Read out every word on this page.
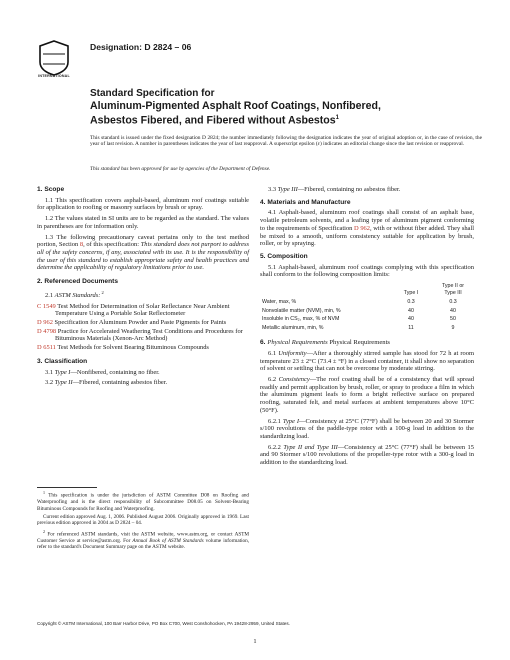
INTERNATIONAL
Designation: D 2824 – 06
Standard Specification for
Aluminum-Pigmented Asphalt Roof Coatings, Nonfibered,
Asbestos Fibered, and Fibered without Asbestos$^1$
This standard is issued under the fixed designation D 2824; the number immediately following the designation indicates the year of original adoption or, in the case of revision, the year of last revision. A number in parentheses indicates the year of last reapproval. A superscript epsilon (ε) indicates an editorial change since the last revision or reapproval.
This standard has been approved for use by agencies of the Department of Defense.
1. Scope

1.1 This specification covers asphalt-based, aluminum roof coatings suitable for application to roofing or masonry surfaces by brush or spray.

1.2 The values stated in SI units are to be regarded as the standard. The values in parentheses are for information only.

1.3 The following precautionary caveat pertains only to the test method portion, Section 8, of this specification: This standard does not purport to address all of the safety concerns, if any, associated with its use. It is the responsibility of the user of this standard to establish appropriate safety and health practices and determine the applicability of regulatory limitations prior to use.

2. Referenced Documents

2.1 ASTM Standards: $^2$

C 1549 Test Method for Determination of Solar Reflectance Near Ambient Temperature Using a Portable Solar Reflectometer
D 962 Specification for Aluminum Powder and Paste Pigments for Paints
D 4798 Practice for Accelerated Weathering Test Conditions and Procedures for Bituminous Materials (Xenon-Arc Method)
D 6511 Test Methods for Solvent Bearing Bituminous Compounds
3. Classification

3.1 Type I—Nonfibered, containing no fiber.

3.2 Type II—Fibered, containing asbestos fiber.

$^1$ This specification is under the jurisdiction of ASTM Committee D08 on Roofing and Waterproofing and is the direct responsibility of Subcommittee D08.05 on Solvent-Bearing Bituminous Compounds for Roofing and Waterproofing.

Current edition approved Aug. 1, 2006. Published August 2006. Originally approved in 1969. Last previous edition approved in 2004 as D 2824 – 04.

$^2$ For referenced ASTM standards, visit the ASTM website, www.astm.org, or contact ASTM Customer Service at service@astm.org. For Annual Book of ASTM Standards volume information, refer to the standard's Document Summary page on the ASTM website.

3.3 Type III—Fibered, containing no asbestos fiber.

4. Materials and Manufacture

4.1 Asphalt-based, aluminum roof coatings shall consist of an asphalt base, volatile petroleum solvents, and a leafing type of aluminum pigment conforming to the requirements of Specification D 962, with or without fiber added. They shall be mixed to a smooth, uniform consistency suitable for application by brush, roller, or by spraying.

5. Composition

5.1 Asphalt-based, aluminum roof coatings complying with this specification shall conform to the following composition limits:

	Type I	Type II or
Type III
Water, max, %	0.3	0.3
Nonvolatile matter (NVM), min, %	40	40
Insoluble in CS₂, max, % of NVM	40	50
Metallic aluminum, min, %	11	9
6. Physical Requirements Physical Requirements

6.1 Uniformity—After a thoroughly stirred sample has stood for 72 h at room temperature 23 ± 2°C (73.4 ± °F) in a closed container, it shall show no separation of solvent or settling that can not be overcome by moderate stirring.

6.2 Consistency—The roof coating shall be of a consistency that will spread readily and permit application by brush, roller, or spray to produce a film in which the aluminum pigment leafs to form a bright reflective surface on prepared roofing, saturated felt, and metal surfaces at ambient temperatures above 10°C (50°F).

6.2.1 Type I—Consistency at 25°C (77°F) shall be between 20 and 30 Stormer s/100 revolutions of the paddle-type rotor with a 100-g load in addition to the standardizing load.

6.2.2 Type II and Type III—Consistency at 25°C (77°F) shall be between 15 and 90 Stormer s/100 revolutions of the propeller-type rotor with a 300-g load in addition to the standardizing load.

Copyright © ASTM International, 100 Barr Harbor Drive, PO Box C700, West Conshohocken, PA 19428-2959, United States.
1
